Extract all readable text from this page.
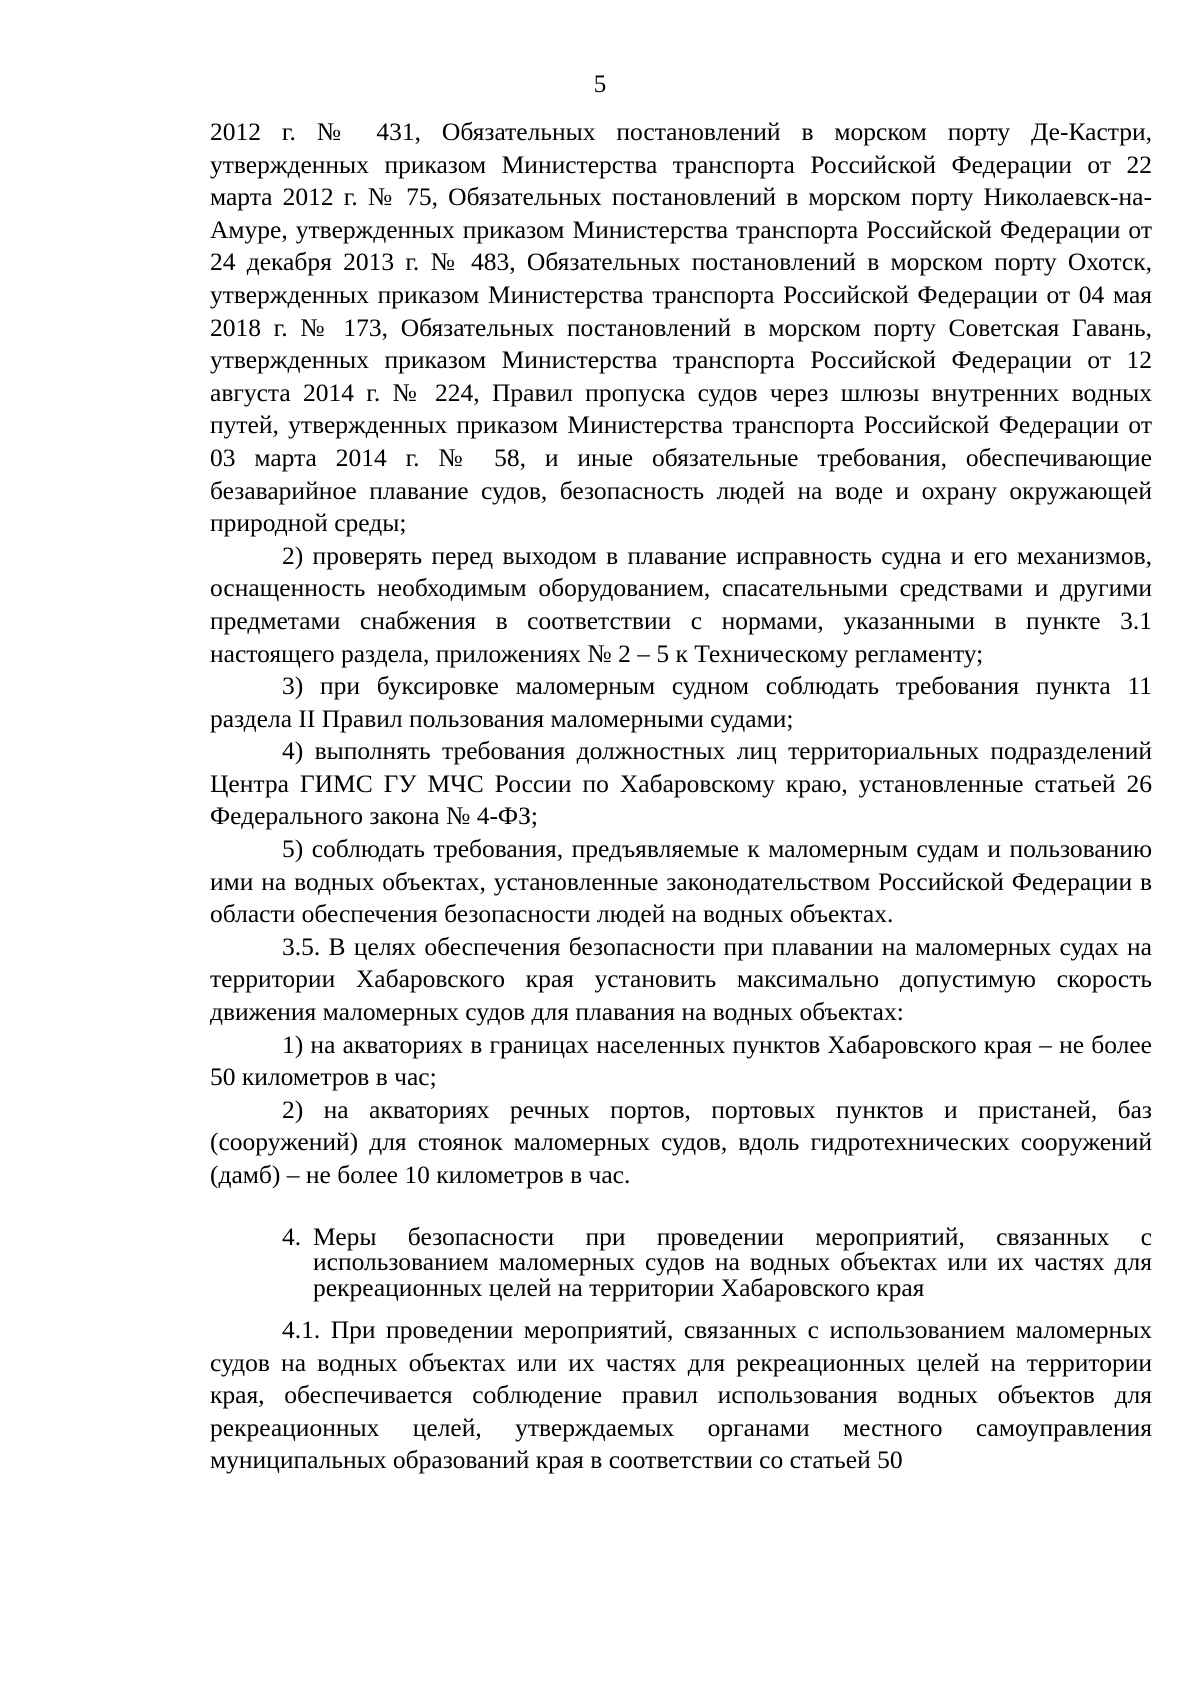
5

2012 г. № 431, Обязательных постановлений в морском порту Де-Кастри, утвержденных приказом Министерства транспорта Российской Федерации от 22 марта 2012 г. № 75, Обязательных постановлений в морском порту Николаевск-на-Амуре, утвержденных приказом Министерства транспорта Российской Федерации от 24 декабря 2013 г. № 483, Обязательных постановлений в морском порту Охотск, утвержденных приказом Министерства транспорта Российской Федерации от 04 мая 2018 г. № 173, Обязательных постановлений в морском порту Советская Гавань, утвержденных приказом Министерства транспорта Российской Федерации от 12 августа 2014 г. № 224, Правил пропуска судов через шлюзы внутренних водных путей, утвержденных приказом Министерства транспорта Российской Федерации от 03 марта 2014 г. № 58, и иные обязательные требования, обеспечивающие безаварийное плавание судов, безопасность людей на воде и охрану окружающей природной среды;

2) проверять перед выходом в плавание исправность судна и его механизмов, оснащенность необходимым оборудованием, спасательными средствами и другими предметами снабжения в соответствии с нормами, указанными в пункте 3.1 настоящего раздела, приложениях № 2 – 5 к Техническому регламенту;

3) при буксировке маломерным судном соблюдать требования пункта 11 раздела II Правил пользования маломерными судами;

4) выполнять требования должностных лиц территориальных подразделений Центра ГИМС ГУ МЧС России по Хабаровскому краю, установленные статьей 26 Федерального закона № 4-ФЗ;

5) соблюдать требования, предъявляемые к маломерным судам и пользованию ими на водных объектах, установленные законодательством Российской Федерации в области обеспечения безопасности людей на водных объектах.

3.5. В целях обеспечения безопасности при плавании на маломерных судах на территории Хабаровского края установить максимально допустимую скорость движения маломерных судов для плавания на водных объектах:

1) на акваториях в границах населенных пунктов Хабаровского края – не более 50 километров в час;

2) на акваториях речных портов, портовых пунктов и пристаней, баз (сооружений) для стоянок маломерных судов, вдоль гидротехнических сооружений (дамб) – не более 10 километров в час.

4. Меры безопасности при проведении мероприятий, связанных с использованием маломерных судов на водных объектах или их частях для рекреационных целей на территории Хабаровского края

4.1. При проведении мероприятий, связанных с использованием маломерных судов на водных объектах или их частях для рекреационных целей на территории края, обеспечивается соблюдение правил использования водных объектов для рекреационных целей, утверждаемых органами местного самоуправления муниципальных образований края в соответствии со статьей 50
